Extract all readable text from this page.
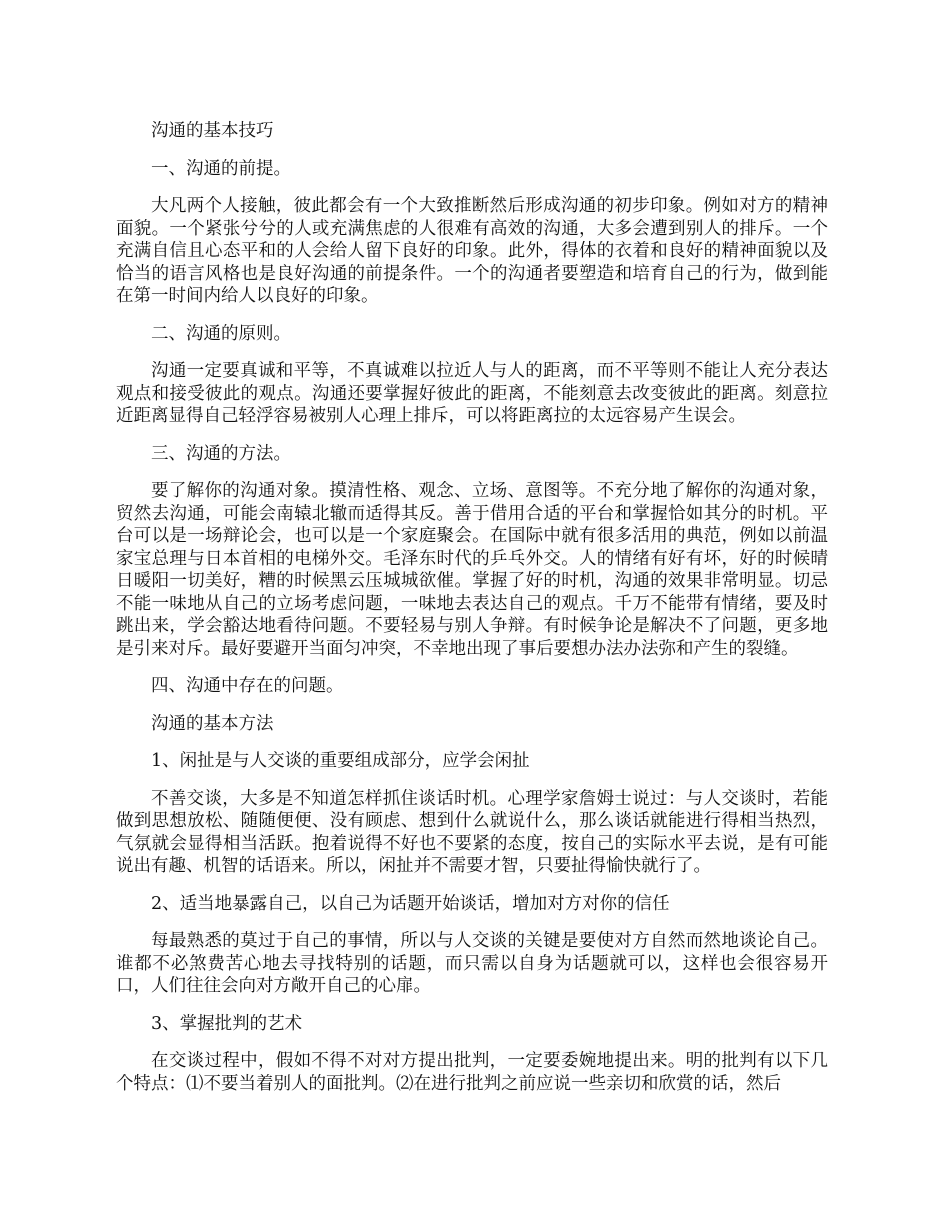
沟通的基本技巧

一、沟通的前提。

大凡两个人接触，彼此都会有一个大致推断然后形成沟通的初步印象。例如对方的精神面貌。一个紧张兮兮的人或充满焦虑的人很难有高效的沟通，大多会遭到别人的排斥。一个充满自信且心态平和的人会给人留下良好的印象。此外，得体的衣着和良好的精神面貌以及恰当的语言风格也是良好沟通的前提条件。一个的沟通者要塑造和培育自己的行为，做到能在第一时间内给人以良好的印象。

二、沟通的原则。

沟通一定要真诚和平等，不真诚难以拉近人与人的距离，而不平等则不能让人充分表达观点和接受彼此的观点。沟通还要掌握好彼此的距离，不能刻意去改变彼此的距离。刻意拉近距离显得自己轻浮容易被别人心理上排斥，可以将距离拉的太远容易产生误会。

三、沟通的方法。

要了解你的沟通对象。摸清性格、观念、立场、意图等。不充分地了解你的沟通对象，贸然去沟通，可能会南辕北辙而适得其反。善于借用合适的平台和掌握恰如其分的时机。平台可以是一场辩论会，也可以是一个家庭聚会。在国际中就有很多活用的典范，例如以前温家宝总理与日本首相的电梯外交。毛泽东时代的乒乓外交。人的情绪有好有坏，好的时候晴日暖阳一切美好，糟的时候黑云压城城欲催。掌握了好的时机，沟通的效果非常明显。切忌不能一味地从自己的立场考虑问题，一味地去表达自己的观点。千万不能带有情绪，要及时跳出来，学会豁达地看待问题。不要轻易与别人争辩。有时候争论是解决不了问题，更多地是引来对斥。最好要避开当面匀冲突，不幸地出现了事后要想办法办法弥和产生的裂缝。

四、沟通中存在的问题。

沟通的基本方法

1、闲扯是与人交谈的重要组成部分，应学会闲扯

不善交谈，大多是不知道怎样抓住谈话时机。心理学家詹姆士说过：与人交谈时，若能做到思想放松、随随便便、没有顾虑、想到什么就说什么，那么谈话就能进行得相当热烈，气氛就会显得相当活跃。抱着说得不好也不要紧的态度，按自己的实际水平去说，是有可能说出有趣、机智的话语来。所以，闲扯并不需要才智，只要扯得愉快就行了。

2、适当地暴露自己，以自己为话题开始谈话，增加对方对你的信任

每最熟悉的莫过于自己的事情，所以与人交谈的关键是要使对方自然而然地谈论自己。谁都不必煞费苦心地去寻找特别的话题，而只需以自身为话题就可以，这样也会很容易开口，人们往往会向对方敞开自己的心扉。

3、掌握批判的艺术

在交谈过程中，假如不得不对对方提出批判，一定要委婉地提出来。明的批判有以下几个特点：⑴不要当着别人的面批判。⑵在进行批判之前应说一些亲切和欣赏的话，然后
